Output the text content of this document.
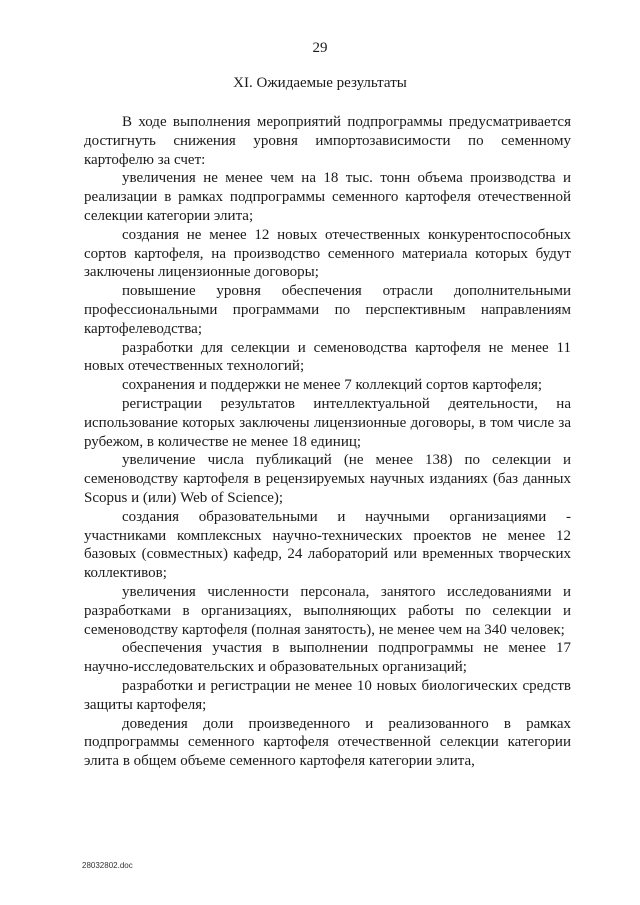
29
XI. Ожидаемые результаты

В ходе выполнения мероприятий подпрограммы предусматривается достигнуть снижения уровня импортозависимости по семенному картофелю за счет:

увеличения не менее чем на 18 тыс. тонн объема производства и реализации в рамках подпрограммы семенного картофеля отечественной селекции категории элита;

создания не менее 12 новых отечественных конкурентоспособных сортов картофеля, на производство семенного материала которых будут заключены лицензионные договоры;

повышение уровня обеспечения отрасли дополнительными профессиональными программами по перспективным направлениям картофелеводства;

разработки для селекции и семеноводства картофеля не менее 11 новых отечественных технологий;

сохранения и поддержки не менее 7 коллекций сортов картофеля;

регистрации результатов интеллектуальной деятельности, на использование которых заключены лицензионные договоры, в том числе за рубежом, в количестве не менее 18 единиц;

увеличение числа публикаций (не менее 138) по селекции и семеноводству картофеля в рецензируемых научных изданиях (баз данных Scopus и (или) Web of Science);

создания образовательными и научными организациями - участниками комплексных научно-технических проектов не менее 12 базовых (совместных) кафедр, 24 лабораторий или временных творческих коллективов;

увеличения численности персонала, занятого исследованиями и разработками в организациях, выполняющих работы по селекции и семеноводству картофеля (полная занятость), не менее чем на 340 человек;

обеспечения участия в выполнении подпрограммы не менее 17 научно-исследовательских и образовательных организаций;

разработки и регистрации не менее 10 новых биологических средств защиты картофеля;

доведения доли произведенного и реализованного в рамках подпрограммы семенного картофеля отечественной селекции категории элита в общем объеме семенного картофеля категории элита,

28032802.doc
